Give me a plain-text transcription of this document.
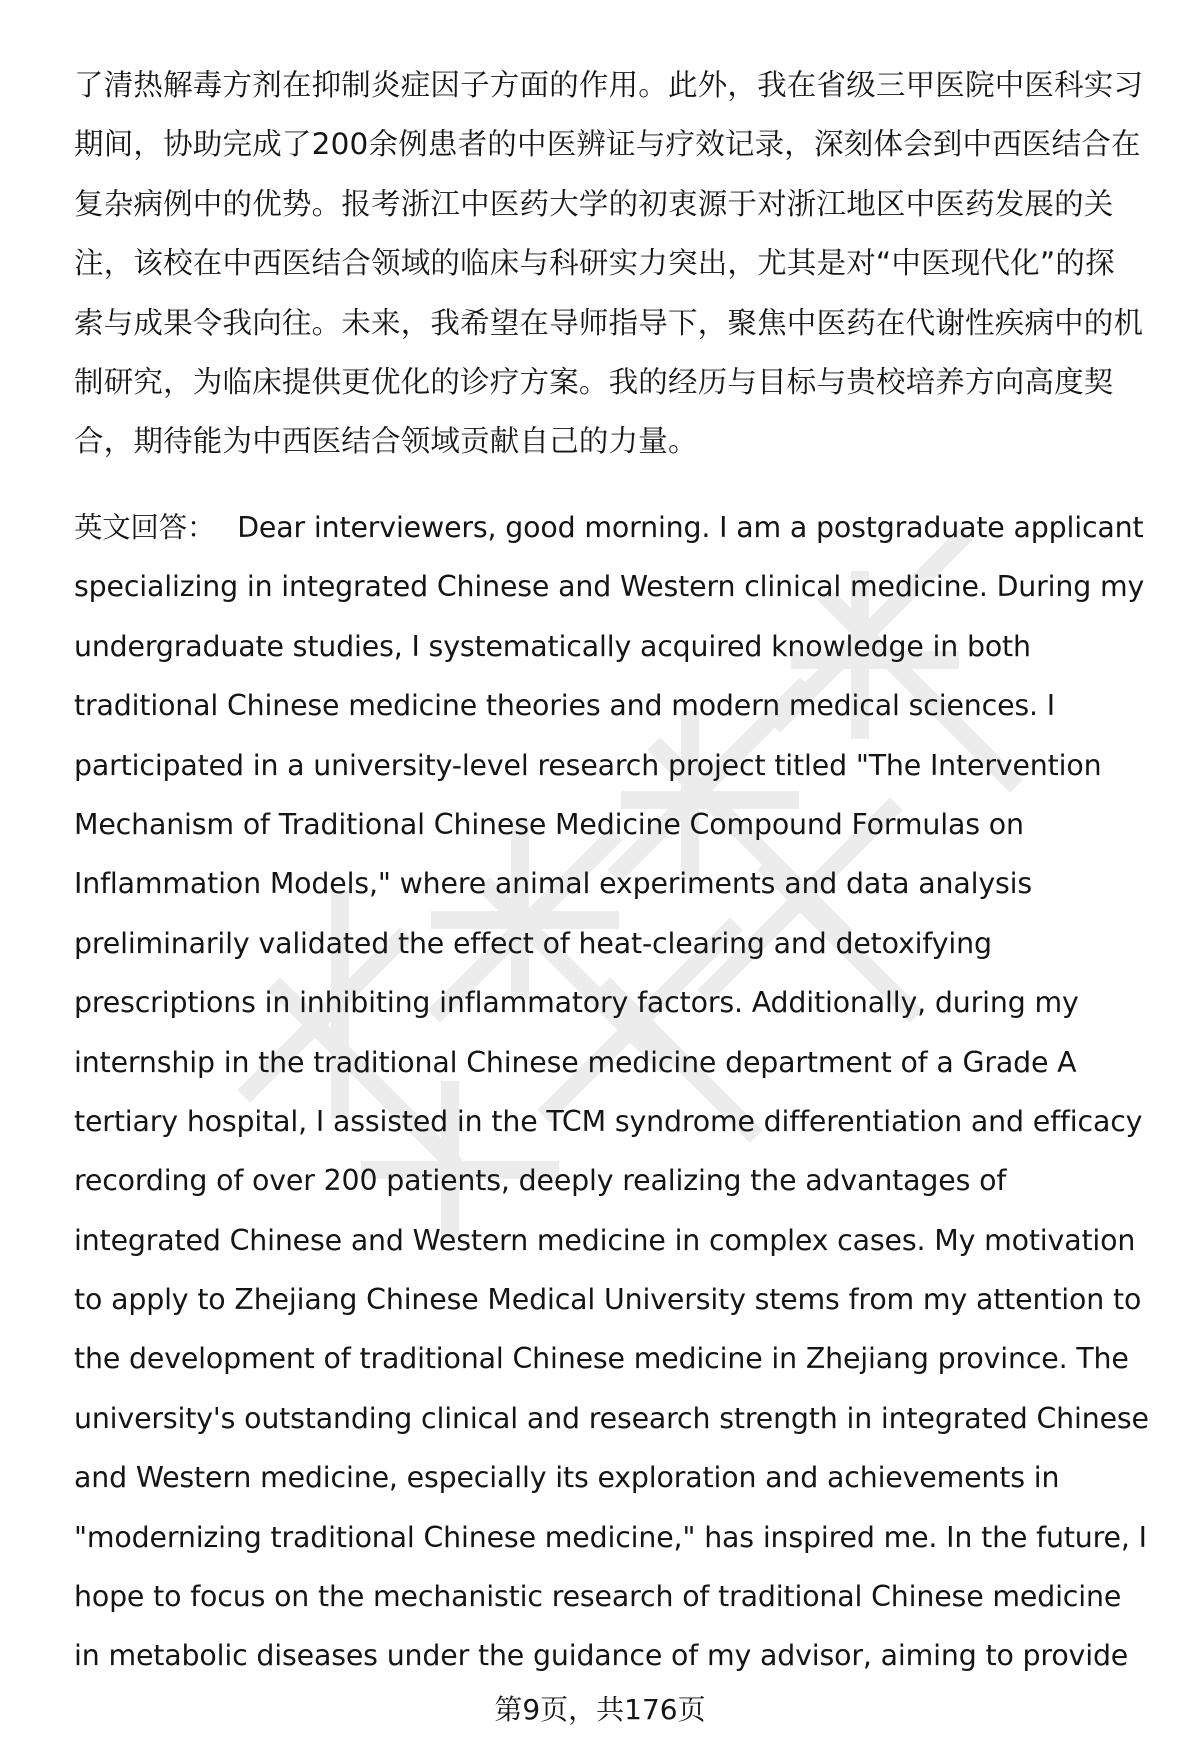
了清热解毒方剂在抑制炎症因子方面的作用。此外，我在省级三甲医院中医科实习
期间，协助完成了200余例患者的中医辨证与疗效记录，深刻体会到中西医结合在
复杂病例中的优势。报考浙江中医药大学的初衷源于对浙江地区中医药发展的关
注，该校在中西医结合领域的临床与科研实力突出，尤其是对“中医现代化”的探
索与成果令我向往。未来，我希望在导师指导下，聚焦中医药在代谢性疾病中的机
制研究，为临床提供更优化的诊疗方案。我的经历与目标与贵校培养方向高度契
合，期待能为中西医结合领域贡献自己的力量。
英文回答： Dear interviewers, good morning. I am a postgraduate applicant
specializing in integrated Chinese and Western clinical medicine. During my
undergraduate studies, I systematically acquired knowledge in both
traditional Chinese medicine theories and modern medical sciences. I
participated in a university-level research project titled "The Intervention
Mechanism of Traditional Chinese Medicine Compound Formulas on
Inflammation Models," where animal experiments and data analysis
preliminarily validated the effect of heat-clearing and detoxifying
prescriptions in inhibiting inflammatory factors. Additionally, during my
internship in the traditional Chinese medicine department of a Grade A
tertiary hospital, I assisted in the TCM syndrome differentiation and efficacy
recording of over 200 patients, deeply realizing the advantages of
integrated Chinese and Western medicine in complex cases. My motivation
to apply to Zhejiang Chinese Medical University stems from my attention to
the development of traditional Chinese medicine in Zhejiang province. The
university's outstanding clinical and research strength in integrated Chinese
and Western medicine, especially its exploration and achievements in
"modernizing traditional Chinese medicine," has inspired me. In the future, I
hope to focus on the mechanistic research of traditional Chinese medicine
in metabolic diseases under the guidance of my advisor, aiming to provide
第9页，共176页
